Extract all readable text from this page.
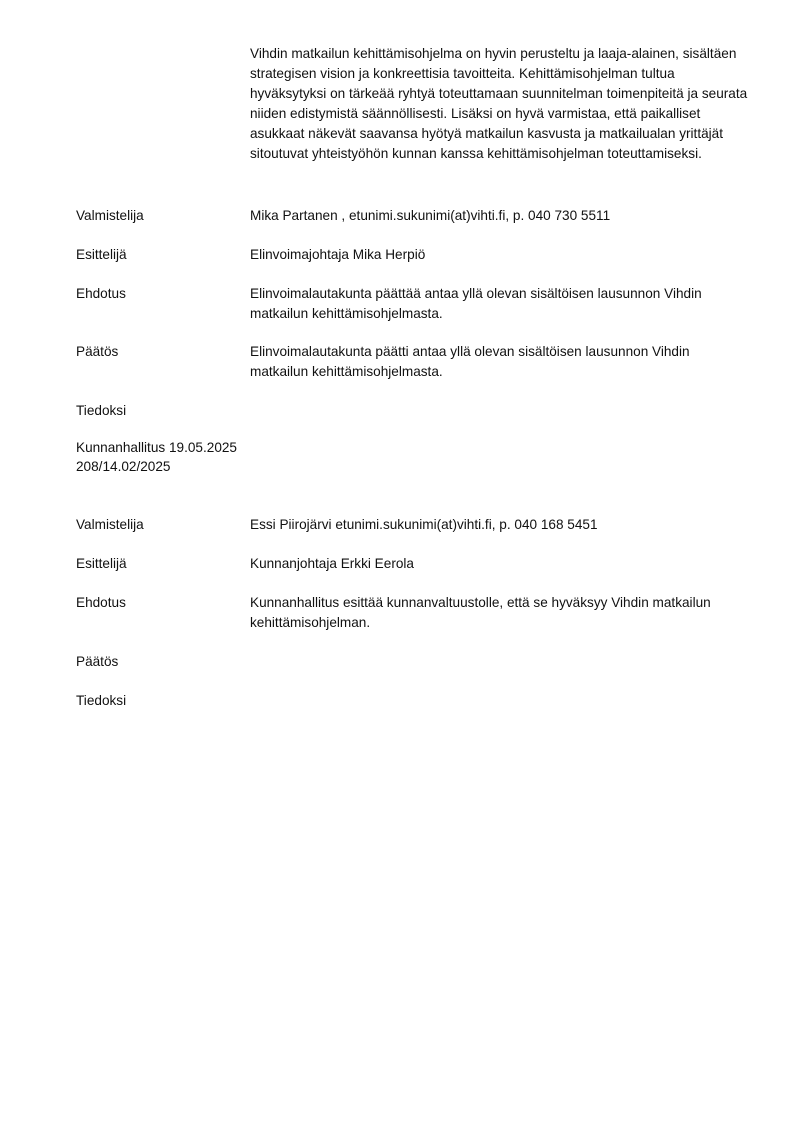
Vihdin matkailun kehittämisohjelma on hyvin perusteltu ja laaja-alainen, sisältäen strategisen vision ja konkreettisia tavoitteita. Kehittämisohjelman tultua hyväksytyksi on tärkeää ryhtyä toteuttamaan suunnitelman toimenpiteitä ja seurata niiden edistymistä säännöllisesti. Lisäksi on hyvä varmistaa, että paikalliset asukkaat näkevät saavansa hyötyä matkailun kasvusta ja matkailualan yrittäjät sitoutuvat yhteistyöhön kunnan kanssa kehittämisohjelman toteuttamiseksi.

Valmistelija	Mika Partanen , etunimi.sukunimi(at)vihti.fi, p. 040 730 5511
Esittelijä	Elinvoimajohtaja Mika Herpiö
Ehdotus	Elinvoimalautakunta päättää antaa yllä olevan sisältöisen lausunnon Vihdin matkailun kehittämisohjelmasta.
Päätös	Elinvoimalautakunta päätti antaa yllä olevan sisältöisen lausunnon Vihdin matkailun kehittämisohjelmasta.
Tiedoksi
Kunnanhallitus 19.05.2025
208/14.02/2025
Valmistelija	Essi Piirojärvi etunimi.sukunimi(at)vihti.fi, p. 040 168 5451
Esittelijä	Kunnanjohtaja Erkki Eerola
Ehdotus	Kunnanhallitus esittää kunnanvaltuustolle, että se hyväksyy Vihdin matkailun kehittämisohjelman.
Päätös
Tiedoksi
